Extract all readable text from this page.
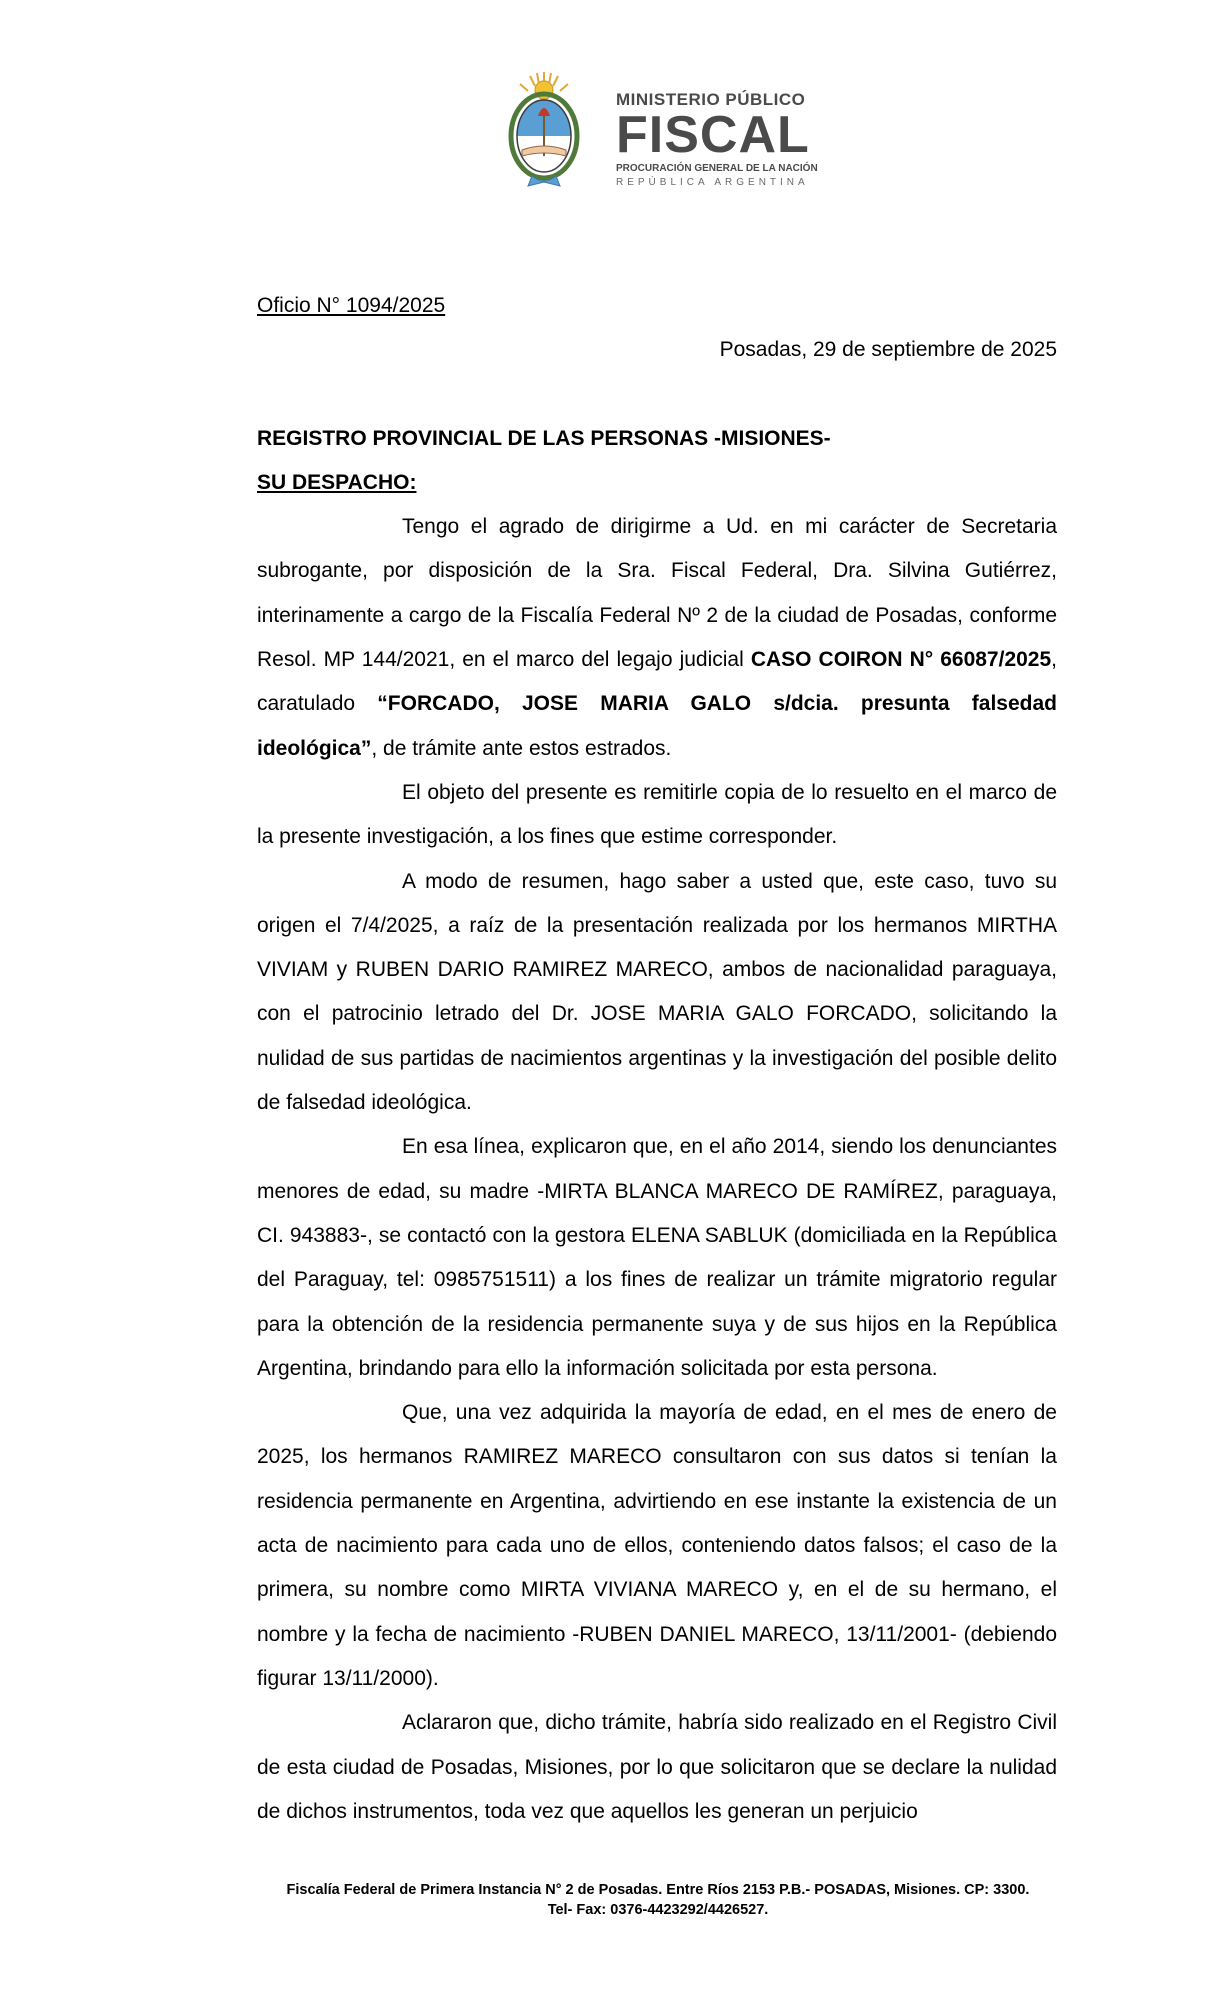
MINISTERIO PÚBLICO
FISCAL
PROCURACIÓN GENERAL DE LA NACIÓN
REPÚBLICA ARGENTINA

Oficio N° 1094/2025

Posadas, 29 de septiembre de 2025

REGISTRO PROVINCIAL DE LAS PERSONAS -MISIONES-

SU DESPACHO:

Tengo el agrado de dirigirme a Ud. en mi carácter de Secretaria subrogante, por disposición de la Sra. Fiscal Federal, Dra. Silvina Gutiérrez, interinamente a cargo de la Fiscalía Federal Nº 2 de la ciudad de Posadas, conforme Resol. MP 144/2021, en el marco del legajo judicial CASO COIRON N° 66087/2025, caratulado “FORCADO, JOSE MARIA GALO s/dcia. presunta falsedad ideológica”, de trámite ante estos estrados.

El objeto del presente es remitirle copia de lo resuelto en el marco de la presente investigación, a los fines que estime corresponder.

A modo de resumen, hago saber a usted que, este caso, tuvo su origen el 7/4/2025, a raíz de la presentación realizada por los hermanos MIRTHA VIVIAM y RUBEN DARIO RAMIREZ MARECO, ambos de nacionalidad paraguaya, con el patrocinio letrado del Dr. JOSE MARIA GALO FORCADO, solicitando la nulidad de sus partidas de nacimientos argentinas y la investigación del posible delito de falsedad ideológica.

En esa línea, explicaron que, en el año 2014, siendo los denunciantes menores de edad, su madre -MIRTA BLANCA MARECO DE RAMÍREZ, paraguaya, CI. 943883-, se contactó con la gestora ELENA SABLUK (domiciliada en la República del Paraguay, tel: 0985751511) a los fines de realizar un trámite migratorio regular para la obtención de la residencia permanente suya y de sus hijos en la República Argentina, brindando para ello la información solicitada por esta persona.

Que, una vez adquirida la mayoría de edad, en el mes de enero de 2025, los hermanos RAMIREZ MARECO consultaron con sus datos si tenían la residencia permanente en Argentina, advirtiendo en ese instante la existencia de un acta de nacimiento para cada uno de ellos, conteniendo datos falsos; el caso de la primera, su nombre como MIRTA VIVIANA MARECO y, en el de su hermano, el nombre y la fecha de nacimiento -RUBEN DANIEL MARECO, 13/11/2001- (debiendo figurar 13/11/2000).

Aclararon que, dicho trámite, habría sido realizado en el Registro Civil de esta ciudad de Posadas, Misiones, por lo que solicitaron que se declare la nulidad de dichos instrumentos, toda vez que aquellos les generan un perjuicio

Fiscalía Federal de Primera Instancia N° 2 de Posadas. Entre Ríos 2153 P.B.- POSADAS, Misiones. CP: 3300.
Tel- Fax: 0376-4423292/4426527.
